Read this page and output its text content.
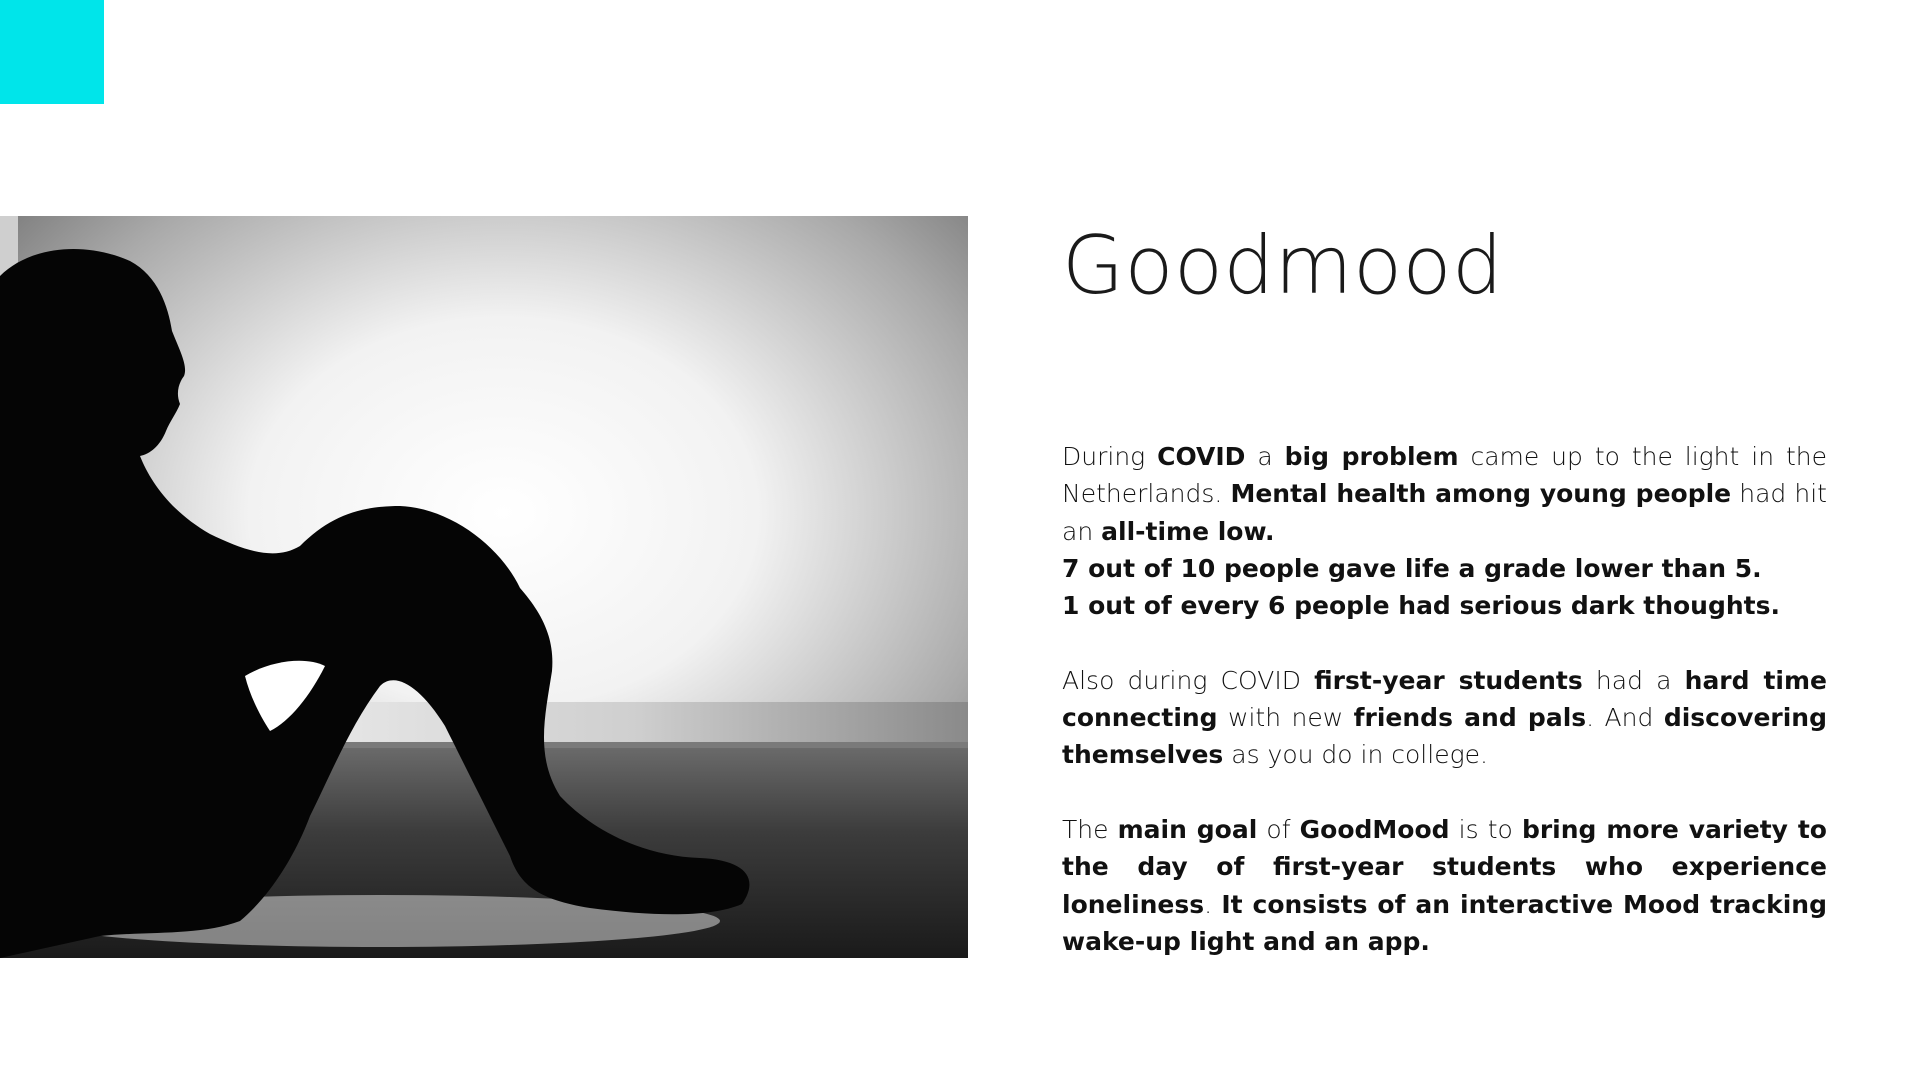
Goodmood

During COVID a big problem came up to the light in the Netherlands. Mental health among young people had hit an all-time low.

7 out of 10 people gave life a grade lower than 5.

1 out of every 6 people had serious dark thoughts.

Also during COVID first-year students had a hard time connecting with new friends and pals. And discovering themselves as you do in college.

The main goal of GoodMood is to bring more variety to the day of first-year students who experience loneliness. It consists of an interactive Mood tracking wake-up light and an app.
